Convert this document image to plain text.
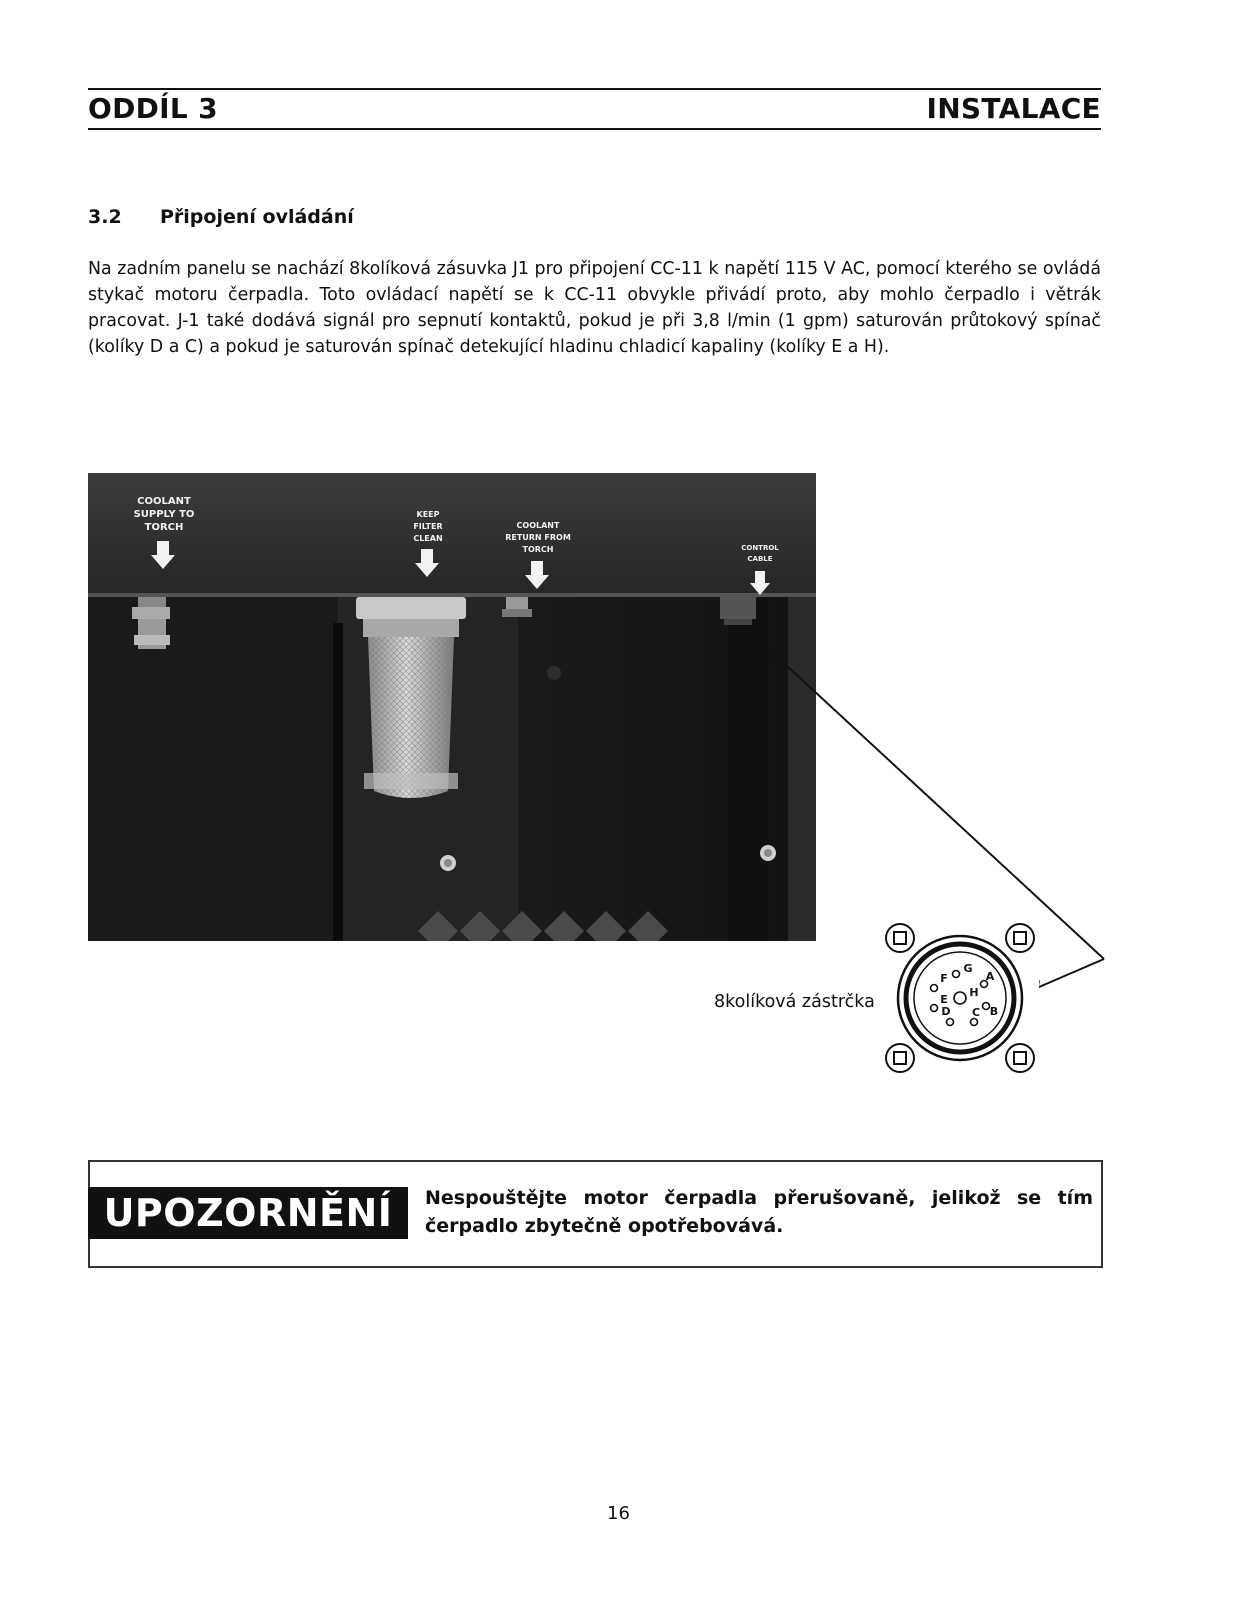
ODDÍL 3	INSTALACE
3.2 Připojení ovládání
Na zadním panelu se nachází 8kolíková zásuvka J1 pro připojení CC-11 k napětí 115 V AC, pomocí kterého se ovládá stykač motoru čerpadla. Toto ovládací napětí se k CC-11 obvykle přivádí proto, aby mohlo čerpadlo i větrák pracovat. J-1 také dodává signál pro sepnutí kontaktů, pokud je při 3,8 l/min (1 gpm) saturován průtokový spínač (kolíky D a C) a pokud je saturován spínač detekující hladinu chladicí kapaliny (kolíky E a H).
COOLANT
SUPPLY TO
TORCH
KEEP
FILTER
CLEAN
COOLANT
RETURN FROM
TORCH	CONTROL
CABLE
8kolíková zástrčka
A
B
C
D
E
F
G
H
UPOZORNĚNÍ	Nespouštějte motor čerpadla přerušovaně, jelikož se tím čerpadlo zbytečně opotřebovává.
16
